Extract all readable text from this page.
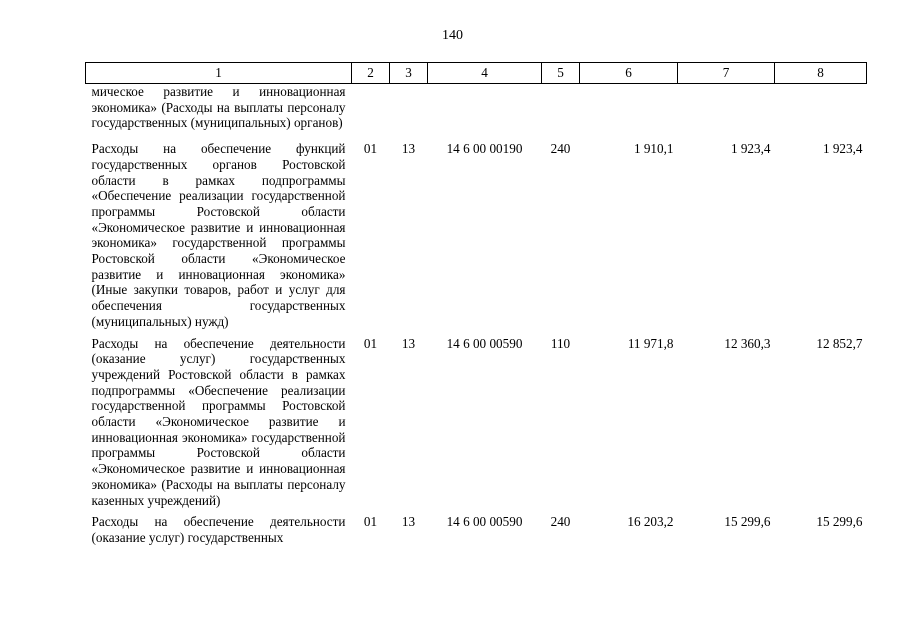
140
1	2	3	4	5	6	7	8
мическое развитие и инновационная экономика» (Расходы на выплаты персоналу государственных (муниципальных) органов)							
Расходы на обеспечение функций государственных органов Ростовской области в рамках подпрограммы «Обеспечение реализации государственной программы Ростовской области «Экономическое развитие и инновационная экономика» государственной программы Ростовской области «Экономическое развитие и инновационная экономика» (Иные закупки товаров, работ и услуг для обеспечения государственных (муниципальных) нужд)	01	13	14 6 00 00190	240	1 910,1	1 923,4	1 923,4
Расходы на обеспечение деятельности (оказание услуг) государственных учреждений Ростовской области в рамках подпрограммы «Обеспечение реализации государственной программы Ростовской области «Экономическое развитие и инновационная экономика» государственной программы Ростовской области «Экономическое развитие и инновационная экономика» (Расходы на выплаты персоналу казенных учреждений)	01	13	14 6 00 00590	110	11 971,8	12 360,3	12 852,7
Расходы на обеспечение деятельности (оказание услуг) государственных	01	13	14 6 00 00590	240	16 203,2	15 299,6	15 299,6
